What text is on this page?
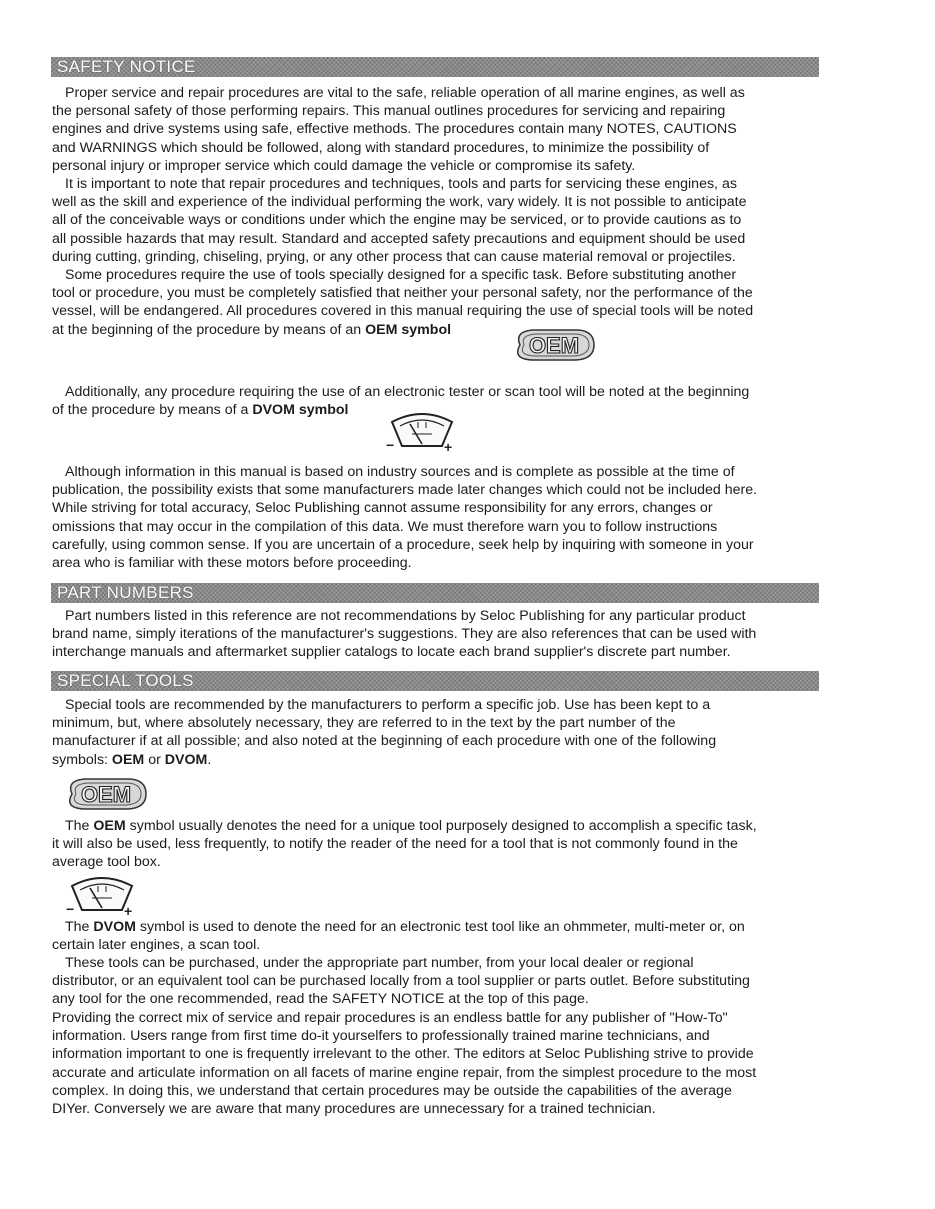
SAFETY NOTICE
Proper service and repair procedures are vital to the safe, reliable operation of all marine engines, as well as
the personal safety of those performing repairs. This manual outlines procedures for servicing and repairing
engines and drive systems using safe, effective methods. The procedures contain many NOTES, CAUTIONS
and WARNINGS which should be followed, along with standard procedures, to minimize the possibility of
personal injury or improper service which could damage the vehicle or compromise its safety.
It is important to note that repair procedures and techniques, tools and parts for servicing these engines, as
well as the skill and experience of the individual performing the work, vary widely. It is not possible to anticipate
all of the conceivable ways or conditions under which the engine may be serviced, or to provide cautions as to
all possible hazards that may result. Standard and accepted safety precautions and equipment should be used
during cutting, grinding, chiseling, prying, or any other process that can cause material removal or projectiles.
Some procedures require the use of tools specially designed for a specific task. Before substituting another
tool or procedure, you must be completely satisfied that neither your personal safety, nor the performance of the
vessel, will be endangered. All procedures covered in this manual requiring the use of special tools will be noted
at the beginning of the procedure by means of an OEM symbol
OEM
Additionally, any procedure requiring the use of an electronic tester or scan tool will be noted at the beginning
of the procedure by means of a DVOM symbol
−	+
Although information in this manual is based on industry sources and is complete as possible at the time of
publication, the possibility exists that some manufacturers made later changes which could not be included here.
While striving for total accuracy, Seloc Publishing cannot assume responsibility for any errors, changes or
omissions that may occur in the compilation of this data. We must therefore warn you to follow instructions
carefully, using common sense. If you are uncertain of a procedure, seek help by inquiring with someone in your
area who is familiar with these motors before proceeding.
PART NUMBERS
Part numbers listed in this reference are not recommendations by Seloc Publishing for any particular product
brand name, simply iterations of the manufacturer's suggestions. They are also references that can be used with
interchange manuals and aftermarket supplier catalogs to locate each brand supplier's discrete part number.
SPECIAL TOOLS
Special tools are recommended by the manufacturers to perform a specific job. Use has been kept to a
minimum, but, where absolutely necessary, they are referred to in the text by the part number of the
manufacturer if at all possible; and also noted at the beginning of each procedure with one of the following
symbols: OEM or DVOM.
OEM
The OEM symbol usually denotes the need for a unique tool purposely designed to accomplish a specific task,
it will also be used, less frequently, to notify the reader of the need for a tool that is not commonly found in the
average tool box.
−	+
The DVOM symbol is used to denote the need for an electronic test tool like an ohmmeter, multi-meter or, on
certain later engines, a scan tool.
These tools can be purchased, under the appropriate part number, from your local dealer or regional
distributor, or an equivalent tool can be purchased locally from a tool supplier or parts outlet. Before substituting
any tool for the one recommended, read the SAFETY NOTICE at the top of this page.
Providing the correct mix of service and repair procedures is an endless battle for any publisher of "How-To"
information. Users range from first time do-it yourselfers to professionally trained marine technicians, and
information important to one is frequently irrelevant to the other. The editors at Seloc Publishing strive to provide
accurate and articulate information on all facets of marine engine repair, from the simplest procedure to the most
complex. In doing this, we understand that certain procedures may be outside the capabilities of the average
DIYer. Conversely we are aware that many procedures are unnecessary for a trained technician.
